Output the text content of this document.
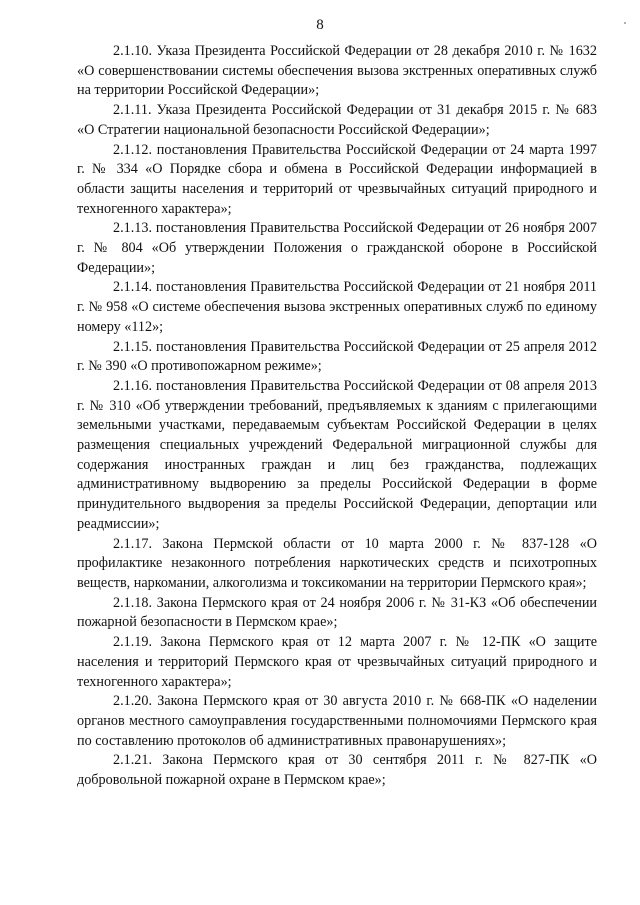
8

2.1.10. Указа Президента Российской Федерации от 28 декабря 2010 г. № 1632 «О совершенствовании системы обеспечения вызова экстренных оперативных служб на территории Российской Федерации»;

2.1.11. Указа Президента Российской Федерации от 31 декабря 2015 г. № 683 «О Стратегии национальной безопасности Российской Федерации»;

2.1.12. постановления Правительства Российской Федерации от 24 марта 1997 г. № 334 «О Порядке сбора и обмена в Российской Федерации информацией в области защиты населения и территорий от чрезвычайных ситуаций природного и техногенного характера»;

2.1.13. постановления Правительства Российской Федерации от 26 ноября 2007 г. № 804 «Об утверждении Положения о гражданской обороне в Российской Федерации»;

2.1.14. постановления Правительства Российской Федерации от 21 ноября 2011 г. № 958 «О системе обеспечения вызова экстренных оперативных служб по единому номеру «112»;

2.1.15. постановления Правительства Российской Федерации от 25 апреля 2012 г. № 390 «О противопожарном режиме»;

2.1.16. постановления Правительства Российской Федерации от 08 апреля 2013 г. № 310 «Об утверждении требований, предъявляемых к зданиям с прилегающими земельными участками, передаваемым субъектам Российской Федерации в целях размещения специальных учреждений Федеральной миграционной службы для содержания иностранных граждан и лиц без гражданства, подлежащих административному выдворению за пределы Российской Федерации в форме принудительного выдворения за пределы Российской Федерации, депортации или реадмиссии»;

2.1.17. Закона Пермской области от 10 марта 2000 г. № 837-128 «О профилактике незаконного потребления наркотических средств и психотропных веществ, наркомании, алкоголизма и токсикомании на территории Пермского края»;

2.1.18. Закона Пермского края от 24 ноября 2006 г. № 31-КЗ «Об обеспечении пожарной безопасности в Пермском крае»;

2.1.19. Закона Пермского края от 12 марта 2007 г. № 12-ПК «О защите населения и территорий Пермского края от чрезвычайных ситуаций природного и техногенного характера»;

2.1.20. Закона Пермского края от 30 августа 2010 г. № 668-ПК «О наделении органов местного самоуправления государственными полномочиями Пермского края по составлению протоколов об административных правонарушениях»;

2.1.21. Закона Пермского края от 30 сентября 2011 г. № 827-ПК «О добровольной пожарной охране в Пермском крае»;
